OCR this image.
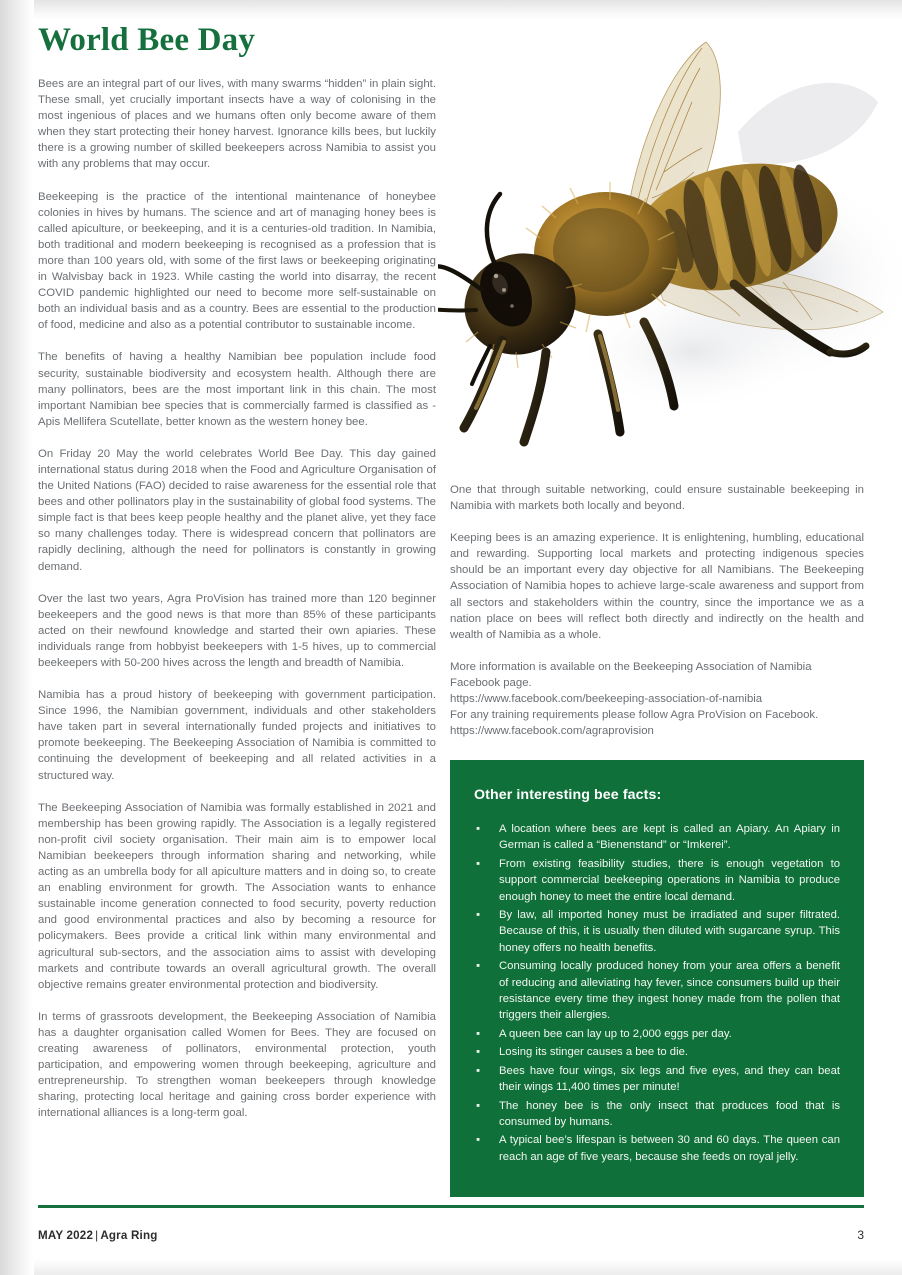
World Bee Day

Bees are an integral part of our lives, with many swarms “hidden” in plain sight. These small, yet crucially important insects have a way of colonising in the most ingenious of places and we humans often only become aware of them when they start protecting their honey harvest. Ignorance kills bees, but luckily there is a growing number of skilled beekeepers across Namibia to assist you with any problems that may occur.

Beekeeping is the practice of the intentional maintenance of honeybee colonies in hives by humans. The science and art of managing honey bees is called apiculture, or beekeeping, and it is a centuries-old tradition. In Namibia, both traditional and modern beekeeping is recognised as a profession that is more than 100 years old, with some of the first laws or beekeeping originating in Walvisbay back in 1923. While casting the world into disarray, the recent COVID pandemic highlighted our need to become more self-sustainable on both an individual basis and as a country. Bees are essential to the production of food, medicine and also as a potential contributor to sustainable income.

The benefits of having a healthy Namibian bee population include food security, sustainable biodiversity and ecosystem health. Although there are many pollinators, bees are the most important link in this chain. The most important Namibian bee species that is commercially farmed is classified as - Apis Mellifera Scutellate, better known as the western honey bee.

On Friday 20 May the world celebrates World Bee Day. This day gained international status during 2018 when the Food and Agriculture Organisation of the United Nations (FAO) decided to raise awareness for the essential role that bees and other pollinators play in the sustainability of global food systems. The simple fact is that bees keep people healthy and the planet alive, yet they face so many challenges today. There is widespread concern that pollinators are rapidly declining, although the need for pollinators is constantly in growing demand.

Over the last two years, Agra ProVision has trained more than 120 beginner beekeepers and the good news is that more than 85% of these participants acted on their newfound knowledge and started their own apiaries. These individuals range from hobbyist beekeepers with 1-5 hives, up to commercial beekeepers with 50-200 hives across the length and breadth of Namibia.

Namibia has a proud history of beekeeping with government participation. Since 1996, the Namibian government, individuals and other stakeholders have taken part in several internationally funded projects and initiatives to promote beekeeping. The Beekeeping Association of Namibia is committed to continuing the development of beekeeping and all related activities in a structured way.

The Beekeeping Association of Namibia was formally established in 2021 and membership has been growing rapidly. The Association is a legally registered non-profit civil society organisation. Their main aim is to empower local Namibian beekeepers through information sharing and networking, while acting as an umbrella body for all apiculture matters and in doing so, to create an enabling environment for growth. The Association wants to enhance sustainable income generation connected to food security, poverty reduction and good environmental practices and also by becoming a resource for policymakers. Bees provide a critical link within many environmental and agricultural sub-sectors, and the association aims to assist with developing markets and contribute towards an overall agricultural growth. The overall objective remains greater environmental protection and biodiversity.

In terms of grassroots development, the Beekeeping Association of Namibia has a daughter organisation called Women for Bees. They are focused on creating awareness of pollinators, environmental protection, youth participation, and empowering women through beekeeping, agriculture and entrepreneurship. To strengthen woman beekeepers through knowledge sharing, protecting local heritage and gaining cross border experience with international alliances is a long-term goal.

One that through suitable networking, could ensure sustainable beekeeping in Namibia with markets both locally and beyond.

Keeping bees is an amazing experience. It is enlightening, humbling, educational and rewarding. Supporting local markets and protecting indigenous species should be an important every day objective for all Namibians. The Beekeeping Association of Namibia hopes to achieve large-scale awareness and support from all sectors and stakeholders within the country, since the importance we as a nation place on bees will reflect both directly and indirectly on the health and wealth of Namibia as a whole.

More information is available on the Beekeeping Association of Namibia Facebook page.

https://www.facebook.com/beekeeping-association-of-namibia

For any training requirements please follow Agra ProVision on Facebook.

https://www.facebook.com/agraprovision

Other interesting bee facts:
▪ A location where bees are kept is called an Apiary. An Apiary in German is called a “Bienenstand” or “Imkerei”.
▪ From existing feasibility studies, there is enough vegetation to support commercial beekeeping operations in Namibia to produce enough honey to meet the entire local demand.
▪ By law, all imported honey must be irradiated and super filtrated. Because of this, it is usually then diluted with sugarcane syrup. This honey offers no health benefits.
▪ Consuming locally produced honey from your area offers a benefit of reducing and alleviating hay fever, since consumers build up their resistance every time they ingest honey made from the pollen that triggers their allergies.
▪ A queen bee can lay up to 2,000 eggs per day.
▪ Losing its stinger causes a bee to die.
▪ Bees have four wings, six legs and five eyes, and they can beat their wings 11,400 times per minute!
▪ The honey bee is the only insect that produces food that is consumed by humans.
▪ A typical bee’s lifespan is between 30 and 60 days. The queen can reach an age of five years, because she feeds on royal jelly.
MAY 2022 | Agra Ring	3
